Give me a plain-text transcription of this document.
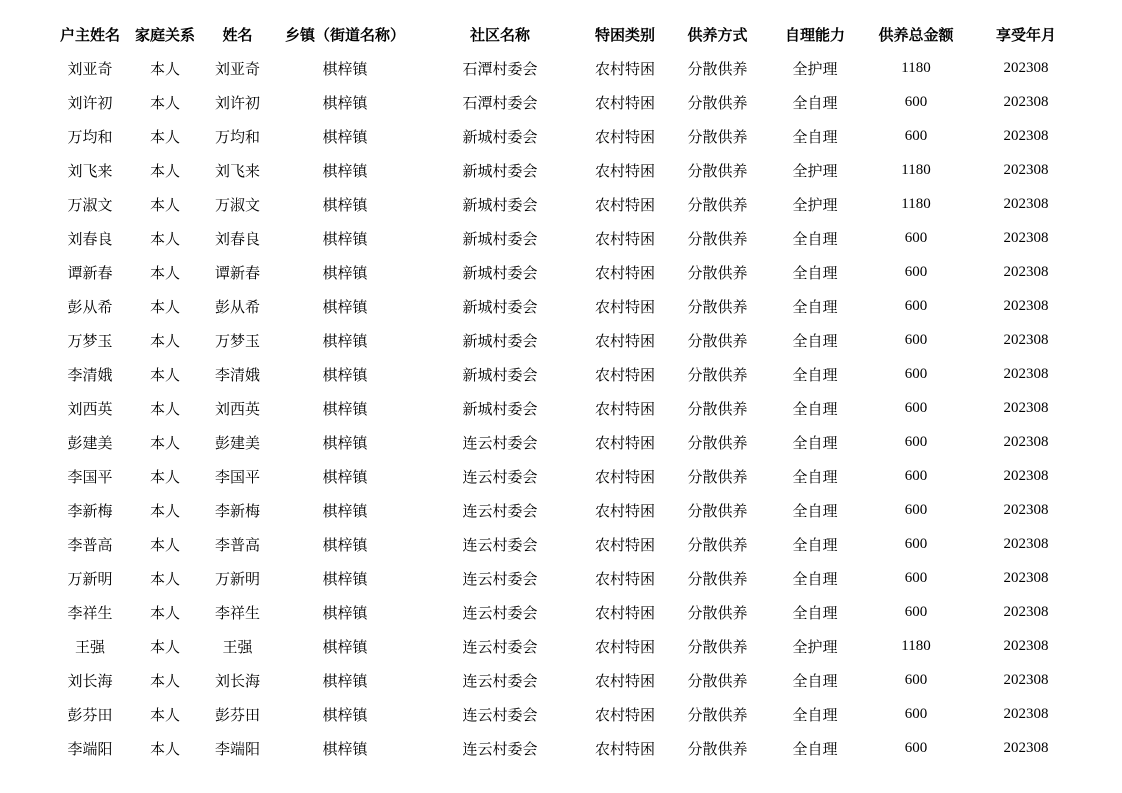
户主姓名	家庭关系	姓名	乡镇（街道名称）	社区名称	特困类别	供养方式	自理能力	供养总金额	享受年月
刘亚奇	本人	刘亚奇	棋梓镇	石潭村委会	农村特困	分散供养	全护理	1180	202308
刘许初	本人	刘许初	棋梓镇	石潭村委会	农村特困	分散供养	全自理	600	202308
万均和	本人	万均和	棋梓镇	新城村委会	农村特困	分散供养	全自理	600	202308
刘飞来	本人	刘飞来	棋梓镇	新城村委会	农村特困	分散供养	全护理	1180	202308
万淑文	本人	万淑文	棋梓镇	新城村委会	农村特困	分散供养	全护理	1180	202308
刘春良	本人	刘春良	棋梓镇	新城村委会	农村特困	分散供养	全自理	600	202308
谭新春	本人	谭新春	棋梓镇	新城村委会	农村特困	分散供养	全自理	600	202308
彭从希	本人	彭从希	棋梓镇	新城村委会	农村特困	分散供养	全自理	600	202308
万梦玉	本人	万梦玉	棋梓镇	新城村委会	农村特困	分散供养	全自理	600	202308
李清娥	本人	李清娥	棋梓镇	新城村委会	农村特困	分散供养	全自理	600	202308
刘西英	本人	刘西英	棋梓镇	新城村委会	农村特困	分散供养	全自理	600	202308
彭建美	本人	彭建美	棋梓镇	连云村委会	农村特困	分散供养	全自理	600	202308
李国平	本人	李国平	棋梓镇	连云村委会	农村特困	分散供养	全自理	600	202308
李新梅	本人	李新梅	棋梓镇	连云村委会	农村特困	分散供养	全自理	600	202308
李普高	本人	李普高	棋梓镇	连云村委会	农村特困	分散供养	全自理	600	202308
万新明	本人	万新明	棋梓镇	连云村委会	农村特困	分散供养	全自理	600	202308
李祥生	本人	李祥生	棋梓镇	连云村委会	农村特困	分散供养	全自理	600	202308
王强	本人	王强	棋梓镇	连云村委会	农村特困	分散供养	全护理	1180	202308
刘长海	本人	刘长海	棋梓镇	连云村委会	农村特困	分散供养	全自理	600	202308
彭芬田	本人	彭芬田	棋梓镇	连云村委会	农村特困	分散供养	全自理	600	202308
李端阳	本人	李端阳	棋梓镇	连云村委会	农村特困	分散供养	全自理	600	202308
